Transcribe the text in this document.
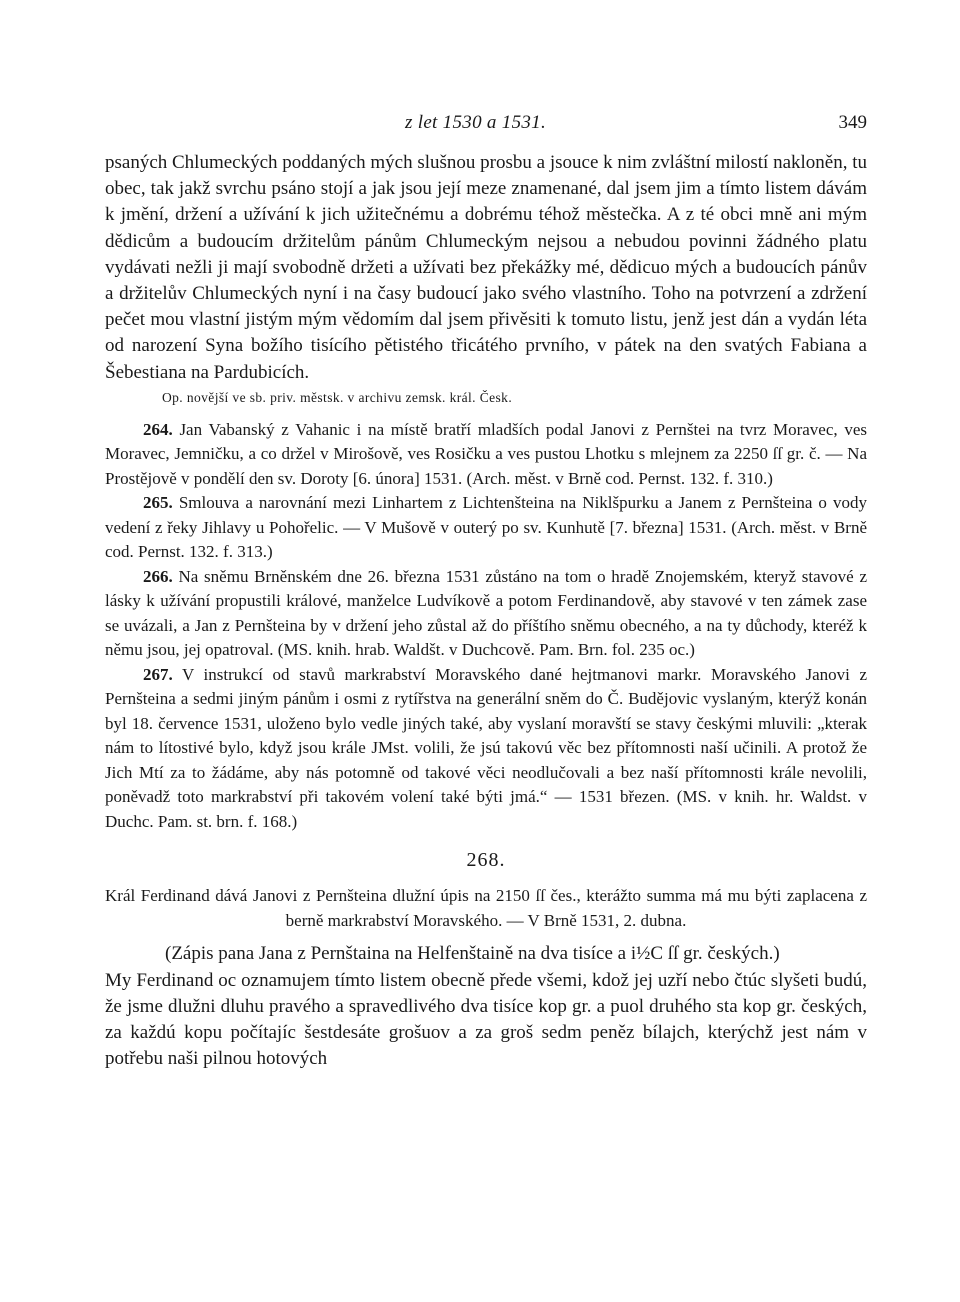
z let 1530 a 1531.	349

psaných Chlumeckých poddaných mých slušnou prosbu a jsouce k nim zvláštní milostí nakloněn, tu obec, tak jakž svrchu psáno stojí a jak jsou její meze znamenané, dal jsem jim a tímto listem dávám k jmění, držení a užívání k jich užitečnému a dobrému téhož městečka. A z té obci mně ani mým dědicům a budoucím držitelům pánům Chlumeckým nejsou a nebudou povinni žádného platu vydávati nežli ji mají svobodně držeti a užívati bez překážky mé, dědicuo mých a budoucích pánův a držitelův Chlumeckých nyní i na časy budoucí jako svého vlastního. Toho na potvrzení a zdržení pečet mou vlastní jistým mým vědomím dal jsem přivěsiti k tomuto listu, jenž jest dán a vydán léta od narození Syna božího tisícího pětistého třicátého prvního, v pátek na den svatých Fabiana a Šebestiana na Pardubicích.

Op. novější ve sb. priv. městsk. v archivu zemsk. král. Česk.

264. Jan Vabanský z Vahanic i na místě bratří mladších podal Janovi z Pernštei na tvrz Moravec, ves Moravec, Jemničku, a co držel v Mirošově, ves Rosičku a ves pustou Lhotku s mlejnem za 2250 ſſ gr. č. — Na Prostějově v pondělí den sv. Doroty [6. února] 1531. (Arch. měst. v Brně cod. Pernst. 132. f. 310.)

265. Smlouva a narovnání mezi Linhartem z Lichtenšteina na Niklšpurku a Janem z Pernšteina o vody vedení z řeky Jihlavy u Pohořelic. — V Mušově v outerý po sv. Kunhutě [7. března] 1531. (Arch. měst. v Brně cod. Pernst. 132. f. 313.)

266. Na sněmu Brněnském dne 26. března 1531 zůstáno na tom o hradě Znojemském, kteryž stavové z lásky k užívání propustili králové, manželce Ludvíkově a potom Ferdinandově, aby stavové v ten zámek zase se uvázali, a Jan z Pernšteina by v držení jeho zůstal až do příštího sněmu obecného, a na ty důchody, kteréž k němu jsou, jej opatroval. (MS. knih. hrab. Waldšt. v Duchcově. Pam. Brn. fol. 235 oc.)

267. V instrukcí od stavů markrabství Moravského dané hejtmanovi markr. Moravského Janovi z Pernšteina a sedmi jiným pánům i osmi z rytířstva na generální sněm do Č. Budějovic vyslaným, kterýž konán byl 18. července 1531, uloženo bylo vedle jiných také, aby vyslaní moravští se stavy českými mluvili: „kterak nám to lítostivé bylo, když jsou krále JMst. volili, že jsú takovú věc bez přítomnosti naší učinili. A protož že Jich Mtí za to žádáme, aby nás potomně od takové věci neodlučovali a bez naší přítomnosti krále nevolili, poněvadž toto markrabství při takovém volení také býti jmá.“ — 1531 březen. (MS. v knih. hr. Waldst. v Duchc. Pam. st. brn. f. 168.)

268.

Král Ferdinand dává Janovi z Pernšteina dlužní úpis na 2150 ſſ čes., kterážto summa má mu býti zaplacena z berně markrabství Moravského. — V Brně 1531, 2. dubna.

(Zápis pana Jana z Pernštaina na Helfenštaině na dva tisíce a i½C ſſ gr. českých.)

My Ferdinand oc oznamujem tímto listem obecně přede všemi, kdož jej uzří nebo čtúc slyšeti budú, že jsme dlužni dluhu pravého a spravedlivého dva tisíce kop gr. a puol druhého sta kop gr. českých, za každú kopu počítajíc šestdesáte grošuov a za groš sedm peněz bílajch, kterýchž jest nám v potřebu naši pilnou hotových
